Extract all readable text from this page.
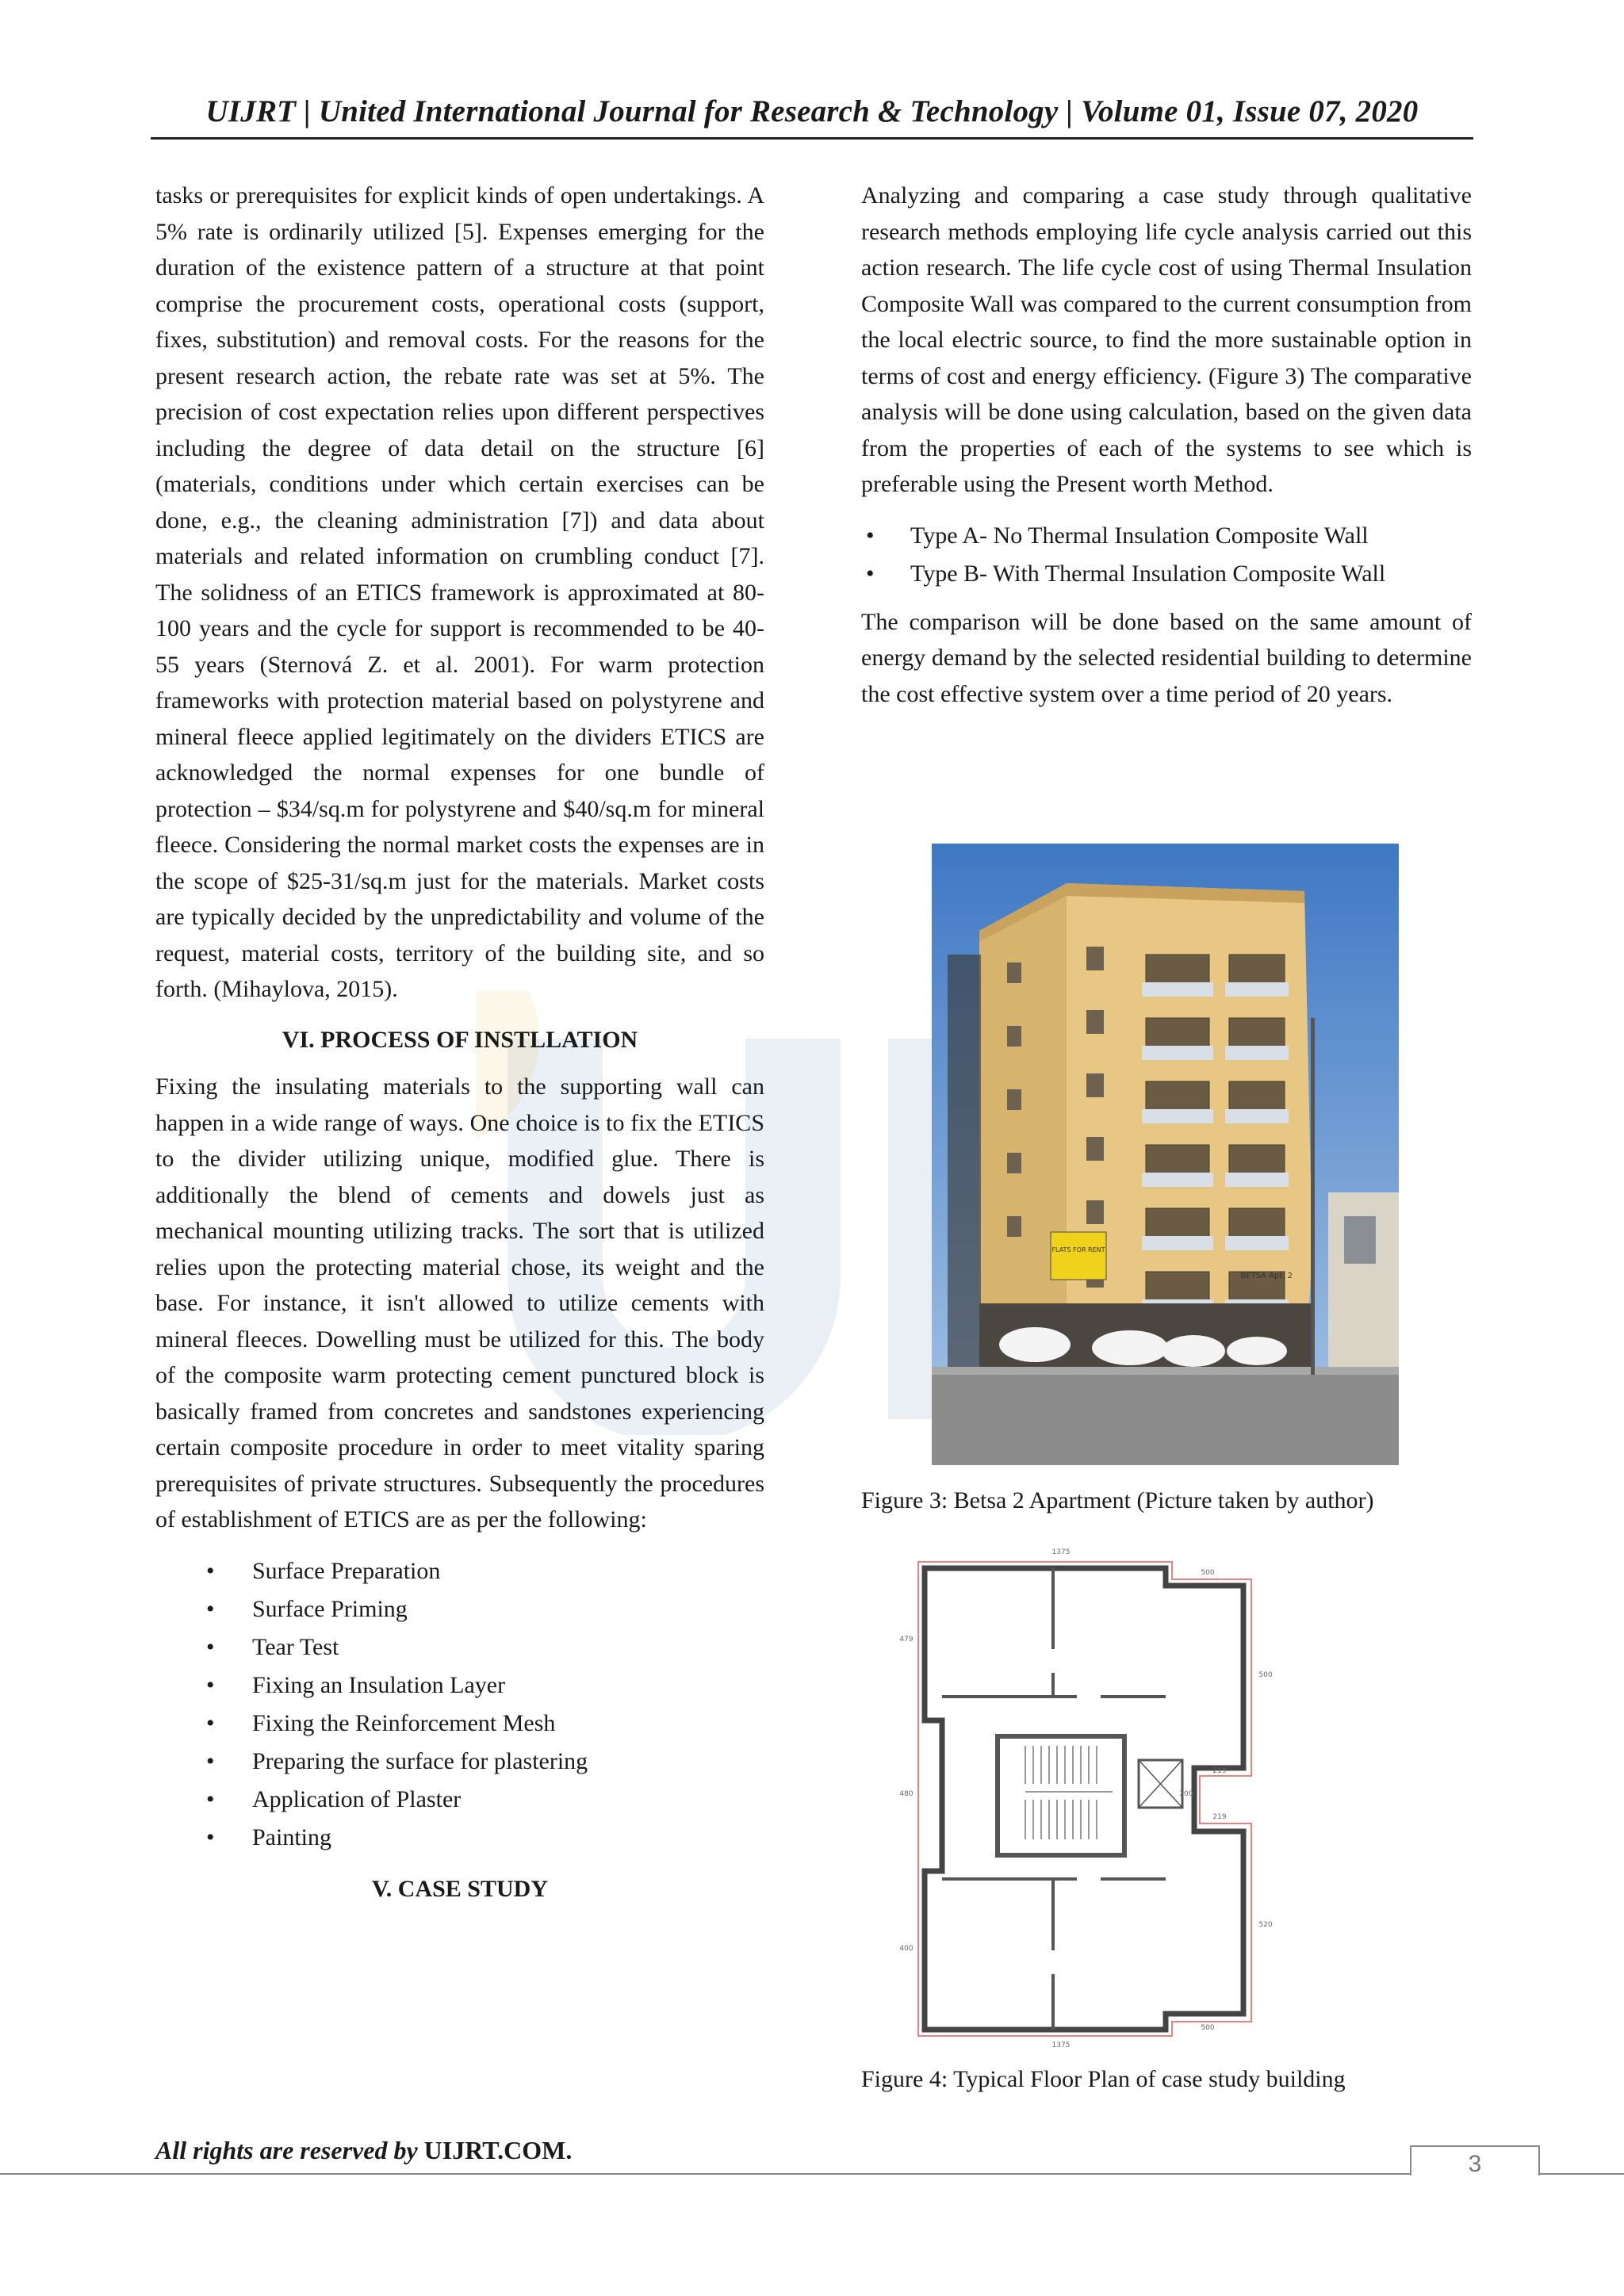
UIJRT | United International Journal for Research & Technology | Volume 01, Issue 07, 2020

tasks or prerequisites for explicit kinds of open undertakings. A 5% rate is ordinarily utilized [5]. Expenses emerging for the duration of the existence pattern of a structure at that point comprise the procurement costs, operational costs (support, fixes, substitution) and removal costs. For the reasons for the present research action, the rebate rate was set at 5%. The precision of cost expectation relies upon different perspectives including the degree of data detail on the structure [6] (materials, conditions under which certain exercises can be done, e.g., the cleaning administration [7]) and data about materials and related information on crumbling conduct [7]. The solidness of an ETICS framework is approximated at 80-100 years and the cycle for support is recommended to be 40-55 years (Sternová Z. et al. 2001). For warm protection frameworks with protection material based on polystyrene and mineral fleece applied legitimately on the dividers ETICS are acknowledged the normal expenses for one bundle of protection – $34/sq.m for polystyrene and $40/sq.m for mineral fleece. Considering the normal market costs the expenses are in the scope of $25-31/sq.m just for the materials. Market costs are typically decided by the unpredictability and volume of the request, material costs, territory of the building site, and so forth. (Mihaylova, 2015).

VI. PROCESS OF INSTLLATION

Fixing the insulating materials to the supporting wall can happen in a wide range of ways. One choice is to fix the ETICS to the divider utilizing unique, modified glue. There is additionally the blend of cements and dowels just as mechanical mounting utilizing tracks. The sort that is utilized relies upon the protecting material chose, its weight and the base. For instance, it isn't allowed to utilize cements with mineral fleeces. Dowelling must be utilized for this. The body of the composite warm protecting cement punctured block is basically framed from concretes and sandstones experiencing certain composite procedure in order to meet vitality sparing prerequisites of private structures. Subsequently the procedures of establishment of ETICS are as per the following:

• Surface Preparation
• Surface Priming
• Tear Test
• Fixing an Insulation Layer
• Fixing the Reinforcement Mesh
• Preparing the surface for plastering
• Application of Plaster
• Painting
V. CASE STUDY

Analyzing and comparing a case study through qualitative research methods employing life cycle analysis carried out this action research. The life cycle cost of using Thermal Insulation Composite Wall was compared to the current consumption from the local electric source, to find the more sustainable option in terms of cost and energy efficiency. (Figure 3) The comparative analysis will be done using calculation, based on the given data from the properties of each of the systems to see which is preferable using the Present worth Method.

• Type A- No Thermal Insulation Composite Wall
• Type B- With Thermal Insulation Composite Wall

The comparison will be done based on the same amount of energy demand by the selected residential building to determine the cost effective system over a time period of 20 years.

FLATS FOR RENT
BETSA Apt. 2
Figure 3: Betsa 2 Apartment (Picture taken by author)
1375
500
479
500
200
219
219
520
480
400
500
1375
Figure 4: Typical Floor Plan of case study building
All rights are reserved by UIJRT.COM.	3
